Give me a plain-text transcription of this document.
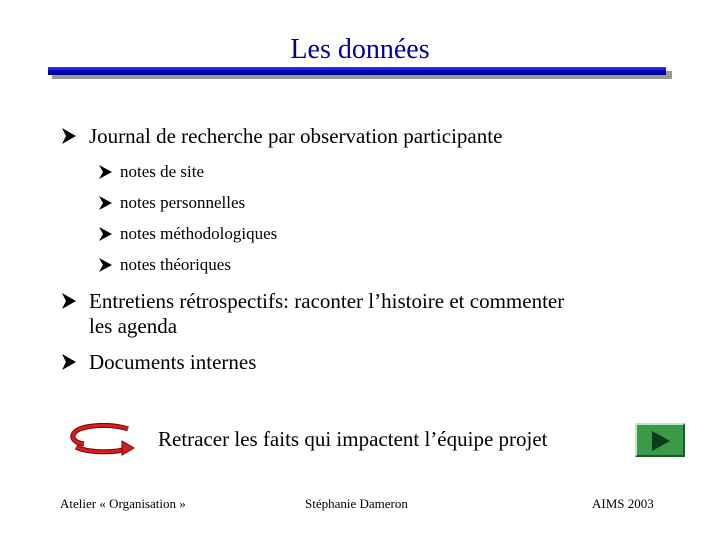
Les données
Journal de recherche par observation participante
notes de site
notes personnelles
notes méthodologiques
notes théoriques
Entretiens rétrospectifs: raconter l’histoire et commenter
les agenda
Documents internes
Retracer les faits qui impactent l’équipe projet
Atelier « Organisation »	Stéphanie Dameron	AIMS 2003
